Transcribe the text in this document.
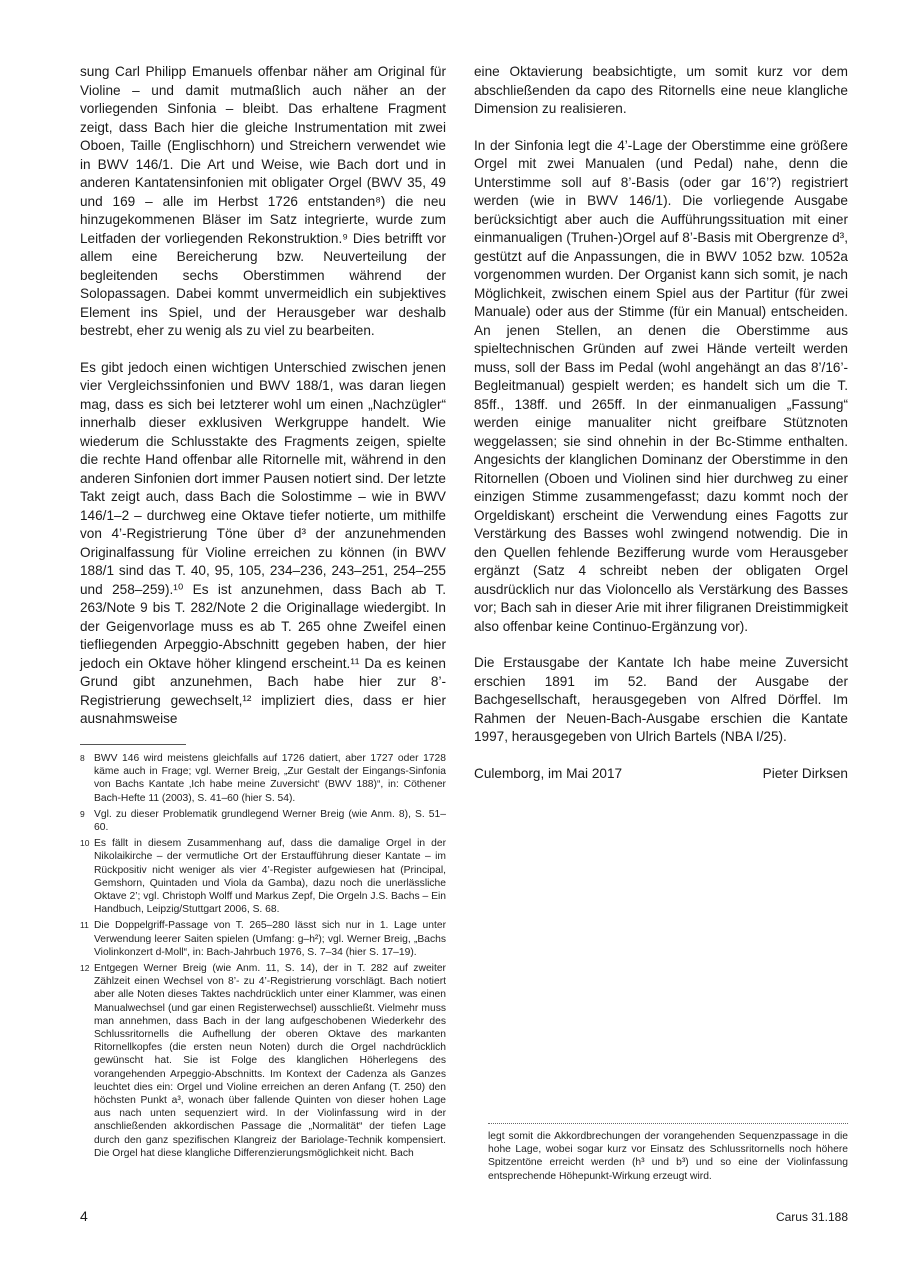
sung Carl Philipp Emanuels offenbar näher am Original für Violine – und damit mutmaßlich auch näher an der vorliegenden Sinfonia – bleibt. Das erhaltene Fragment zeigt, dass Bach hier die gleiche Instrumentation mit zwei Oboen, Taille (Englischhorn) und Streichern verwendet wie in BWV 146/1. Die Art und Weise, wie Bach dort und in anderen Kantatensinfonien mit obligater Orgel (BWV 35, 49 und 169 – alle im Herbst 1726 entstanden⁸) die neu hinzugekommenen Bläser im Satz integrierte, wurde zum Leitfaden der vorliegenden Rekonstruktion.⁹ Dies betrifft vor allem eine Bereicherung bzw. Neuverteilung der begleitenden sechs Oberstimmen während der Solopassagen. Dabei kommt unvermeidlich ein subjektives Element ins Spiel, und der Herausgeber war deshalb bestrebt, eher zu wenig als zu viel zu bearbeiten.

Es gibt jedoch einen wichtigen Unterschied zwischen jenen vier Vergleichssinfonien und BWV 188/1, was daran liegen mag, dass es sich bei letzterer wohl um einen „Nachzügler“ innerhalb dieser exklusiven Werkgruppe handelt. Wie wiederum die Schlusstakte des Fragments zeigen, spielte die rechte Hand offenbar alle Ritornelle mit, während in den anderen Sinfonien dort immer Pausen notiert sind. Der letzte Takt zeigt auch, dass Bach die Solostimme – wie in BWV 146/1–2 – durchweg eine Oktave tiefer notierte, um mithilfe von 4’-Registrierung Töne über d³ der anzunehmenden Originalfassung für Violine erreichen zu können (in BWV 188/1 sind das T. 40, 95, 105, 234–236, 243–251, 254–255 und 258–259).¹⁰ Es ist anzunehmen, dass Bach ab T. 263/Note 9 bis T. 282/Note 2 die Originallage wiedergibt. In der Geigenvorlage muss es ab T. 265 ohne Zweifel einen tiefliegenden Arpeggio-Abschnitt gegeben haben, der hier jedoch ein Oktave höher klingend erscheint.¹¹ Da es keinen Grund gibt anzunehmen, Bach habe hier zur 8’-Registrierung gewechselt,¹² impliziert dies, dass er hier ausnahmsweise

eine Oktavierung beabsichtigte, um somit kurz vor dem abschließenden da capo des Ritornells eine neue klangliche Dimension zu realisieren.

In der Sinfonia legt die 4’-Lage der Oberstimme eine größere Orgel mit zwei Manualen (und Pedal) nahe, denn die Unterstimme soll auf 8’-Basis (oder gar 16’?) registriert werden (wie in BWV 146/1). Die vorliegende Ausgabe berücksichtigt aber auch die Aufführungssituation mit einer einmanualigen (Truhen-)Orgel auf 8’-Basis mit Obergrenze d³, gestützt auf die Anpassungen, die in BWV 1052 bzw. 1052a vorgenommen wurden. Der Organist kann sich somit, je nach Möglichkeit, zwischen einem Spiel aus der Partitur (für zwei Manuale) oder aus der Stimme (für ein Manual) entscheiden. An jenen Stellen, an denen die Oberstimme aus spieltechnischen Gründen auf zwei Hände verteilt werden muss, soll der Bass im Pedal (wohl angehängt an das 8’/16’-Begleitmanual) gespielt werden; es handelt sich um die T. 85ff., 138ff. und 265ff. In der einmanualigen „Fassung“ werden einige manualiter nicht greifbare Stütznoten weggelassen; sie sind ohnehin in der Bc-Stimme enthalten. Angesichts der klanglichen Dominanz der Oberstimme in den Ritornellen (Oboen und Violinen sind hier durchweg zu einer einzigen Stimme zusammengefasst; dazu kommt noch der Orgeldiskant) erscheint die Verwendung eines Fagotts zur Verstärkung des Basses wohl zwingend notwendig. Die in den Quellen fehlende Bezifferung wurde vom Herausgeber ergänzt (Satz 4 schreibt neben der obligaten Orgel ausdrücklich nur das Violoncello als Verstärkung des Basses vor; Bach sah in dieser Arie mit ihrer filigranen Dreistimmigkeit also offenbar keine Continuo-Ergänzung vor).

Die Erstausgabe der Kantate Ich habe meine Zuversicht erschien 1891 im 52. Band der Ausgabe der Bachgesellschaft, herausgegeben von Alfred Dörffel. Im Rahmen der Neuen-Bach-Ausgabe erschien die Kantate 1997, herausgegeben von Ulrich Bartels (NBA I/25).

Culemborg, im Mai 2017	Pieter Dirksen
8 BWV 146 wird meistens gleichfalls auf 1726 datiert, aber 1727 oder 1728 käme auch in Frage; vgl. Werner Breig, „Zur Gestalt der Eingangs-Sinfonia von Bachs Kantate ‚Ich habe meine Zuversicht‘ (BWV 188)“, in: Cöthener Bach-Hefte 11 (2003), S. 41–60 (hier S. 54).
9 Vgl. zu dieser Problematik grundlegend Werner Breig (wie Anm. 8), S. 51–60.
10 Es fällt in diesem Zusammenhang auf, dass die damalige Orgel in der Nikolaikirche – der vermutliche Ort der Erstaufführung dieser Kantate – im Rückpositiv nicht weniger als vier 4’-Register aufgewiesen hat (Principal, Gemshorn, Quintaden und Viola da Gamba), dazu noch die unerlässliche Oktave 2’; vgl. Christoph Wolff und Markus Zepf, Die Orgeln J.S. Bachs – Ein Handbuch, Leipzig/Stuttgart 2006, S. 68.
11 Die Doppelgriff-Passage von T. 265–280 lässt sich nur in 1. Lage unter Verwendung leerer Saiten spielen (Umfang: g–h²); vgl. Werner Breig, „Bachs Violinkonzert d-Moll“, in: Bach-Jahrbuch 1976, S. 7–34 (hier S. 17–19).
12 Entgegen Werner Breig (wie Anm. 11, S. 14), der in T. 282 auf zweiter Zählzeit einen Wechsel von 8’- zu 4’-Registrierung vorschlägt. Bach notiert aber alle Noten dieses Taktes nachdrücklich unter einer Klammer, was einen Manualwechsel (und gar einen Registerwechsel) ausschließt. Vielmehr muss man annehmen, dass Bach in der lang aufgeschobenen Wiederkehr des Schlussritornells die Aufhellung der oberen Oktave des markanten Ritornellkopfes (die ersten neun Noten) durch die Orgel nachdrücklich gewünscht hat. Sie ist Folge des klanglichen Höherlegens des vorangehenden Arpeggio-Abschnitts. Im Kontext der Cadenza als Ganzes leuchtet dies ein: Orgel und Violine erreichen an deren Anfang (T. 250) den höchsten Punkt a³, wonach über fallende Quinten von dieser hohen Lage aus nach unten sequenziert wird. In der Violinfassung wird in der anschließenden akkordischen Passage die „Normalität“ der tiefen Lage durch den ganz spezifischen Klangreiz der Bariolage-Technik kompensiert. Die Orgel hat diese klangliche Differenzierungsmöglichkeit nicht. Bach
legt somit die Akkordbrechungen der vorangehenden Sequenzpassage in die hohe Lage, wobei sogar kurz vor Einsatz des Schlussritornells noch höhere Spitzentöne erreicht werden (h³ und b³) und so eine der Violinfassung entsprechende Höhepunkt-Wirkung erzeugt wird.
4	Carus 31.188
